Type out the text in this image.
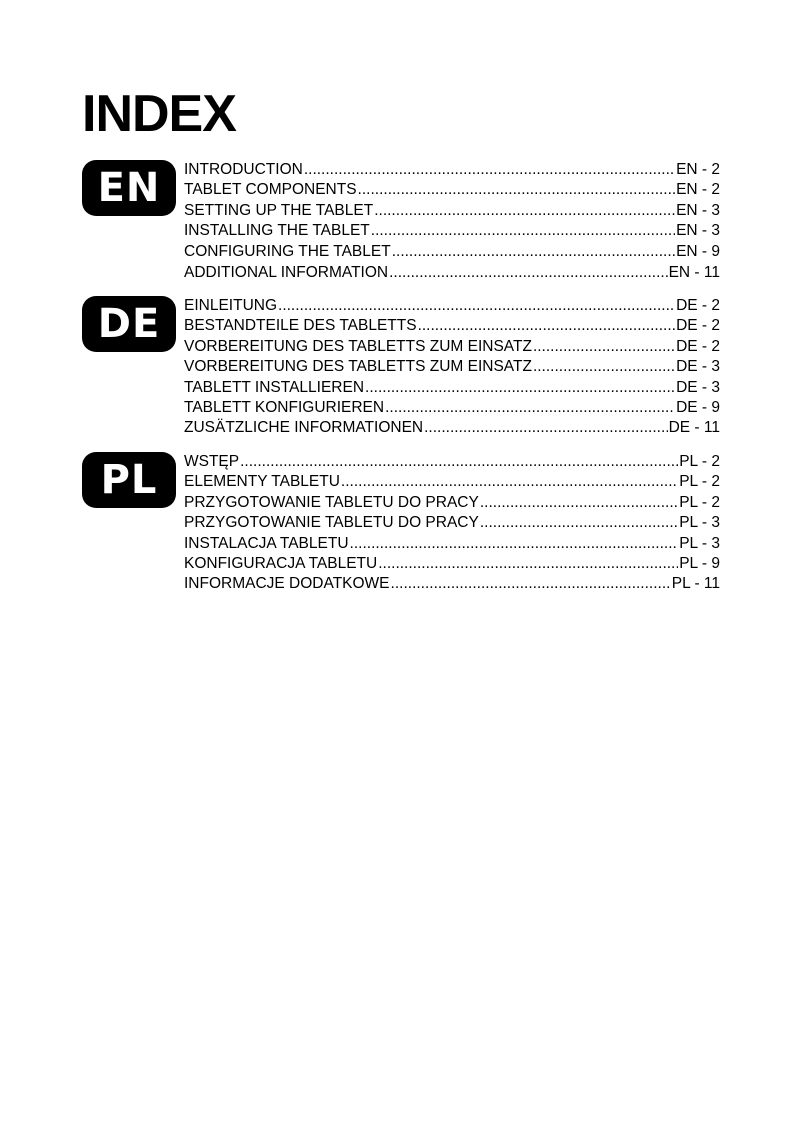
INDEX
EN	INTRODUCTION .....	EN - 2
TABLET COMPONENTS .....	EN - 2
SETTING UP THE TABLET .....	EN - 3
INSTALLING THE TABLET .....	EN - 3
CONFIGURING THE TABLET .....	EN - 9
ADDITIONAL INFORMATION .....	EN - 11
DE	EINLEITUNG .....	DE - 2
BESTANDTEILE DES TABLETTS .....	DE - 2
VORBEREITUNG DES TABLETTS ZUM EINSATZ .....	DE - 2
VORBEREITUNG DES TABLETTS ZUM EINSATZ .....	DE - 3
TABLETT INSTALLIEREN .....	DE - 3
TABLETT KONFIGURIEREN .....	DE - 9
ZUSÄTZLICHE INFORMATIONEN .....	DE - 11
PL	WSTĘP .....	PL - 2
ELEMENTY TABLETU .....	PL - 2
PRZYGOTOWANIE TABLETU DO PRACY .....	PL - 2
PRZYGOTOWANIE TABLETU DO PRACY .....	PL - 3
INSTALACJA TABLETU .....	PL - 3
KONFIGURACJA TABLETU .....	PL - 9
INFORMACJE DODATKOWE .....	PL - 11
